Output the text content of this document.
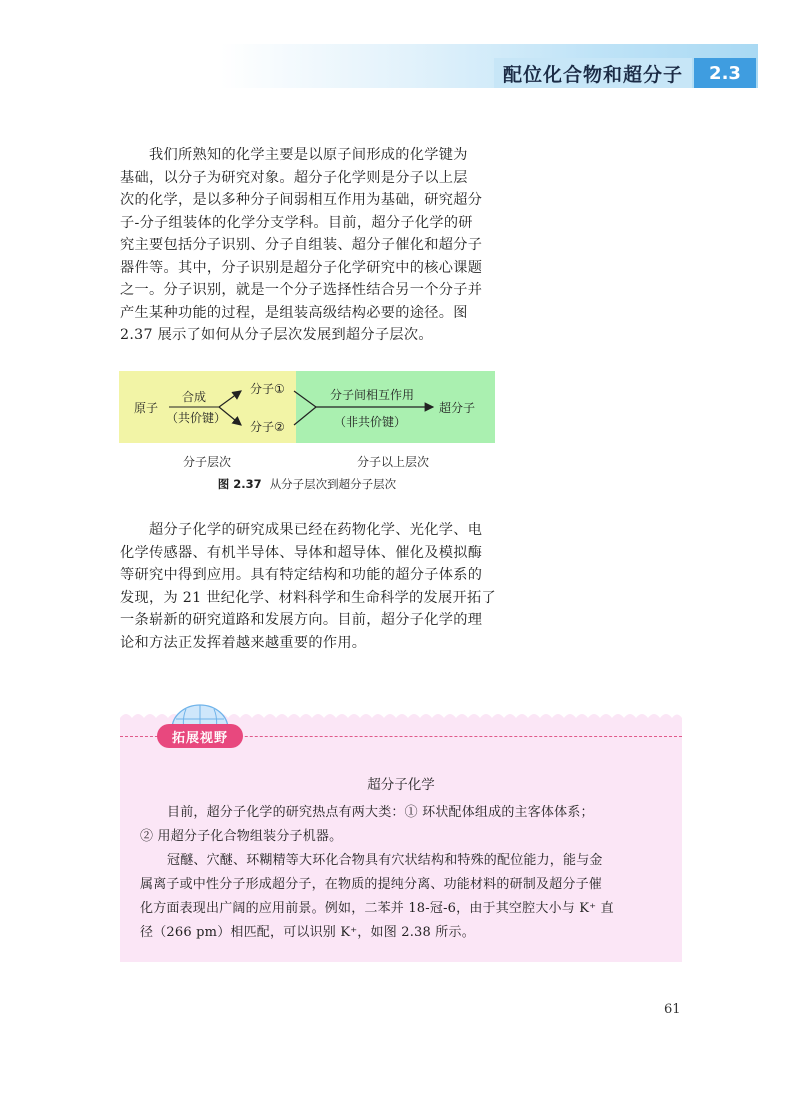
配位化合物和超分子 2.3

我们所熟知的化学主要是以原子间形成的化学键为
基础，以分子为研究对象。超分子化学则是分子以上层
次的化学，是以多种分子间弱相互作用为基础，研究超分
子-分子组装体的化学分支学科。目前，超分子化学的研
究主要包括分子识别、分子自组装、超分子催化和超分子
器件等。其中，分子识别是超分子化学研究中的核心课题
之一。分子识别，就是一个分子选择性结合另一个分子并
产生某种功能的过程，是组装高级结构必要的途径。图
2.37 展示了如何从分子层次发展到超分子层次。

原子
合成
（共价键）
分子①
分子②
分子间相互作用
（非共价键）
超分子
分子层次	分子以上层次
图 2.37 从分子层次到超分子层次

超分子化学的研究成果已经在药物化学、光化学、电
化学传感器、有机半导体、导体和超导体、催化及模拟酶
等研究中得到应用。具有特定结构和功能的超分子体系的
发现，为 21 世纪化学、材料科学和生命科学的发展开拓了
一条崭新的研究道路和发展方向。目前，超分子化学的理
论和方法正发挥着越来越重要的作用。

拓展视野
超分子化学

目前，超分子化学的研究热点有两大类：① 环状配体组成的主客体体系；
② 用超分子化合物组装分子机器。

冠醚、穴醚、环糊精等大环化合物具有穴状结构和特殊的配位能力，能与金
属离子或中性分子形成超分子，在物质的提纯分离、功能材料的研制及超分子催
化方面表现出广阔的应用前景。例如，二苯并 18-冠-6，由于其空腔大小与 K⁺ 直
径（266 pm）相匹配，可以识别 K⁺，如图 2.38 所示。

61
